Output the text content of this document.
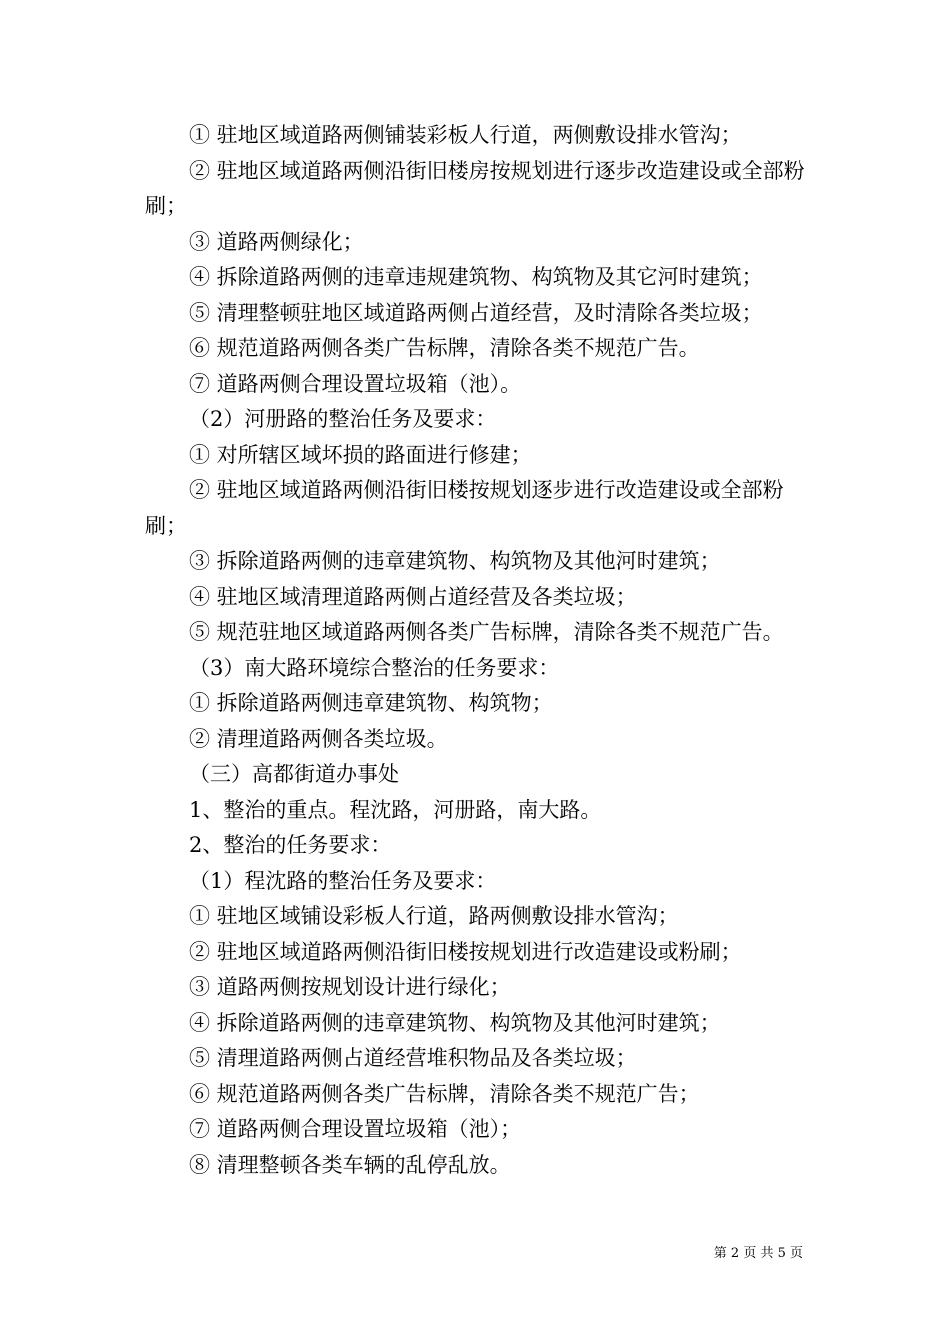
① 驻地区域道路两侧铺装彩板人行道，两侧敷设排水管沟；

② 驻地区域道路两侧沿街旧楼房按规划进行逐步改造建设或全部粉刷；

③ 道路两侧绿化；

④ 拆除道路两侧的违章违规建筑物、构筑物及其它河时建筑；

⑤ 清理整顿驻地区域道路两侧占道经营，及时清除各类垃圾；

⑥ 规范道路两侧各类广告标牌，清除各类不规范广告。

⑦ 道路两侧合理设置垃圾箱（池）。

（2）河册路的整治任务及要求：

① 对所辖区域坏损的路面进行修建；

② 驻地区域道路两侧沿街旧楼按规划逐步进行改造建设或全部粉刷；

③ 拆除道路两侧的违章建筑物、构筑物及其他河时建筑；

④ 驻地区域清理道路两侧占道经营及各类垃圾；

⑤ 规范驻地区域道路两侧各类广告标牌，清除各类不规范广告。

（3）南大路环境综合整治的任务要求：

① 拆除道路两侧违章建筑物、构筑物；

② 清理道路两侧各类垃圾。

（三）高都街道办事处

1、整治的重点。程沈路，河册路，南大路。

2、整治的任务要求：

（1）程沈路的整治任务及要求：

① 驻地区域铺设彩板人行道，路两侧敷设排水管沟；

② 驻地区域道路两侧沿街旧楼按规划进行改造建设或粉刷；

③ 道路两侧按规划设计进行绿化；

④ 拆除道路两侧的违章建筑物、构筑物及其他河时建筑；

⑤ 清理道路两侧占道经营堆积物品及各类垃圾；

⑥ 规范道路两侧各类广告标牌，清除各类不规范广告；

⑦ 道路两侧合理设置垃圾箱（池）；

⑧ 清理整顿各类车辆的乱停乱放。

第 2 页 共 5 页
